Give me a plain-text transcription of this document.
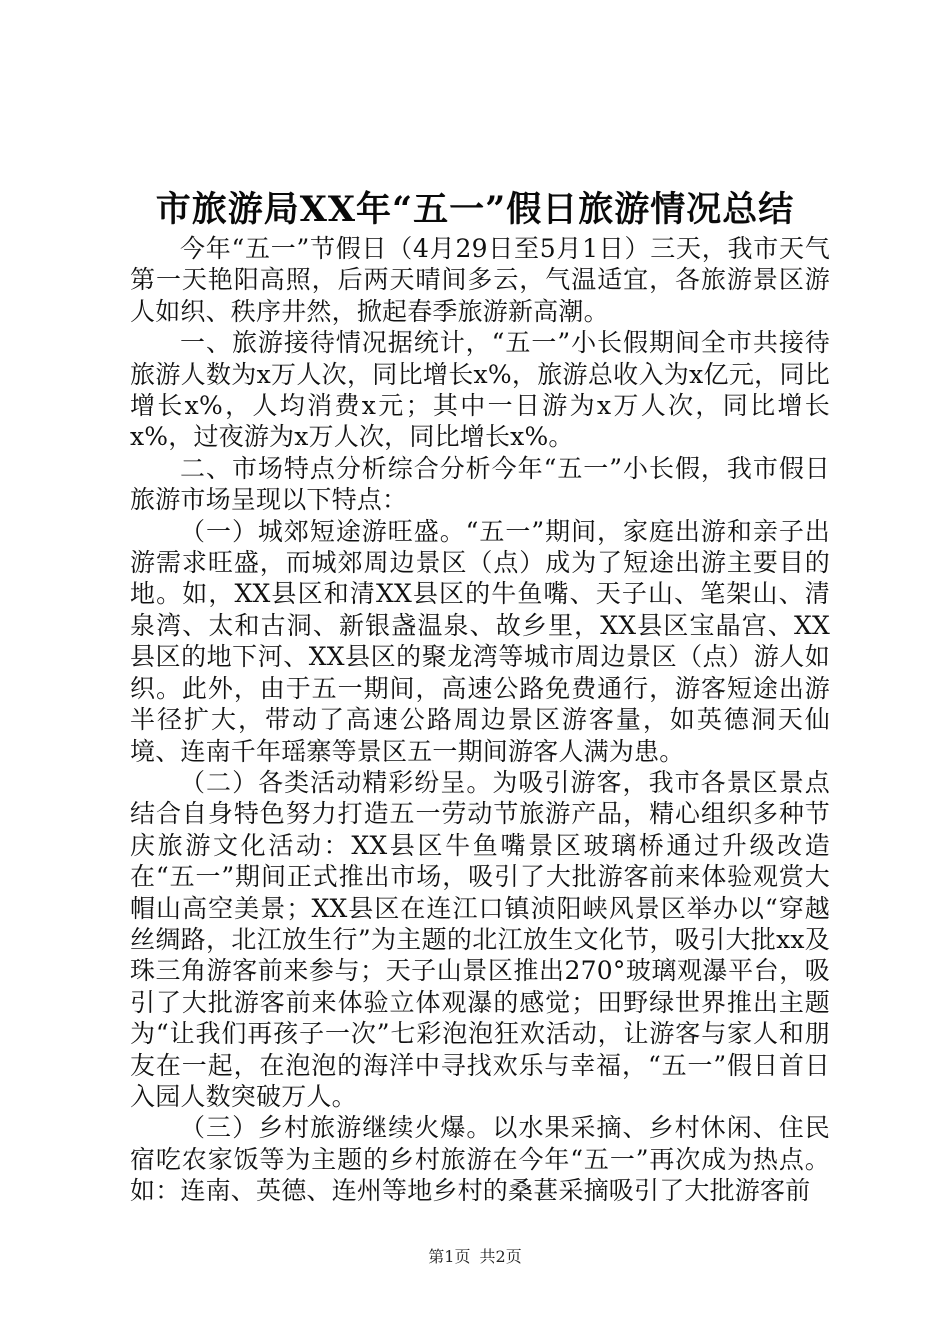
市旅游局XX年“五一”假日旅游情况总结

今年“五一”节假日（4月29日至5月1日）三天，我市天气第一天艳阳高照，后两天晴间多云，气温适宜，各旅游景区游人如织、秩序井然，掀起春季旅游新高潮。

一、旅游接待情况据统计，“五一”小长假期间全市共接待旅游人数为x万人次，同比增长x%，旅游总收入为x亿元，同比增长x%，人均消费x元；其中一日游为x万人次，同比增长x%，过夜游为x万人次，同比增长x%。

二、市场特点分析综合分析今年“五一”小长假，我市假日旅游市场呈现以下特点：

（一）城郊短途游旺盛。“五一”期间，家庭出游和亲子出游需求旺盛，而城郊周边景区（点）成为了短途出游主要目的地。如，XX县区和清XX县区的牛鱼嘴、天子山、笔架山、清泉湾、太和古洞、新银盏温泉、故乡里，XX县区宝晶宫、XX县区的地下河、XX县区的聚龙湾等城市周边景区（点）游人如织。此外，由于五一期间，高速公路免费通行，游客短途出游半径扩大，带动了高速公路周边景区游客量，如英德洞天仙境、连南千年瑶寨等景区五一期间游客人满为患。

（二）各类活动精彩纷呈。为吸引游客，我市各景区景点结合自身特色努力打造五一劳动节旅游产品，精心组织多种节庆旅游文化活动：XX县区牛鱼嘴景区玻璃桥通过升级改造在“五一”期间正式推出市场，吸引了大批游客前来体验观赏大帽山高空美景；XX县区在连江口镇浈阳峡风景区举办以“穿越丝绸路，北江放生行”为主题的北江放生文化节，吸引大批xx及珠三角游客前来参与；天子山景区推出270°玻璃观瀑平台，吸引了大批游客前来体验立体观瀑的感觉；田野绿世界推出主题为“让我们再孩子一次”七彩泡泡狂欢活动，让游客与家人和朋友在一起，在泡泡的海洋中寻找欢乐与幸福，“五一”假日首日入园人数突破万人。

（三）乡村旅游继续火爆。以水果采摘、乡村休闲、住民宿吃农家饭等为主题的乡村旅游在今年“五一”再次成为热点。如：连南、英德、连州等地乡村的桑葚采摘吸引了大批游客前

第1页 共2页
